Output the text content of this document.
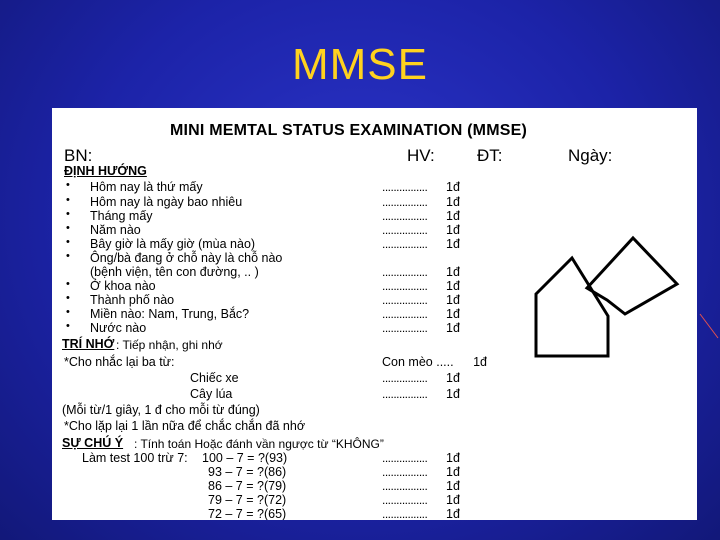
MMSE
MINI MEMTAL STATUS EXAMINATION (MMSE)
BN:	HV: ĐT:	Ngày:
ĐỊNH HƯỚNG
• Hôm nay là thứ mấy	................ 1đ
• Hôm nay là ngày bao nhiêu	................ 1đ
• Tháng mấy	................ 1đ
• Năm nào	................ 1đ
• Bây giờ là mấy giờ (mùa nào)	................ 1đ
• Ông/bà đang ở chỗ này là chỗ nào
(bệnh viện, tên con đường, .. )	................ 1đ
• Ở khoa nào	................ 1đ
• Thành phố nào	................ 1đ
• Miền nào: Nam, Trung, Bắc?	................ 1đ
• Nước nào	................ 1đ
TRÍ NHỚ : Tiếp nhận, ghi nhớ
*Cho nhắc lại ba từ:	Con mèo ..... 1đ
Chiếc xe	................ 1đ
Cây lúa	................ 1đ
(Mỗi từ/1 giây, 1 đ cho mỗi từ đúng)
*Cho lặp lại 1 lần nữa để chắc chắn đã nhớ
SỰ CHÚ Ý : Tính toán Hoặc đánh vần ngược từ “KHÔNG”
Làm test 100 trừ 7: 100 – 7 = ?(93)	................ 1đ
93 – 7 = ?(86)	................ 1đ
86 – 7 = ?(79)	................ 1đ
79 – 7 = ?(72)	................ 1đ
72 – 7 = ?(65)	................ 1đ
